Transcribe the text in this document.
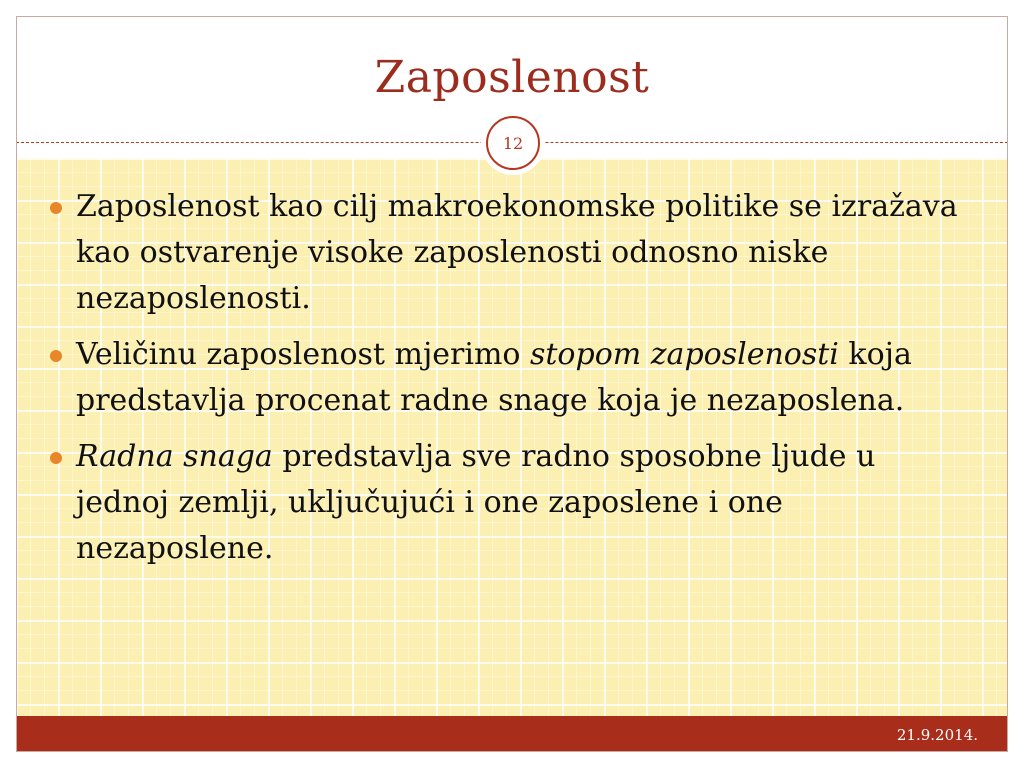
Zaposlenost
12
Zaposlenost kao cilj makroekonomske politike se izražava kao ostvarenje visoke zaposlenosti odnosno niske nezaposlenosti.
Veličinu zaposlenost mjerimo stopom zaposlenosti koja predstavlja procenat radne snage koja je nezaposlena.
Radna snaga predstavlja sve radno sposobne ljude u jednoj zemlji, uključujući i one zaposlene i one nezaposlene.
21.9.2014.
